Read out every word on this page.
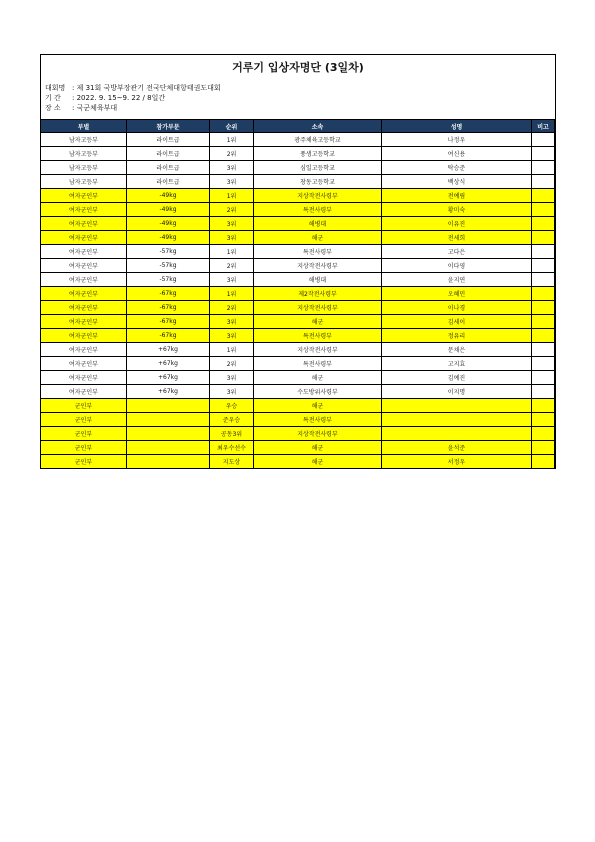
거루기 입상자명단 (3일차)
대회명 : 제 31회 국방부장관기 전국단체대항태권도대회
기 간 : 2022. 9. 15~9. 22 / 8일간
장 소 : 국군체육부대
부별	참가부문	순위	소속	성명	비고
남자고등부	라이트급	1위	광주체육고등학교	나정우	
남자고등부	라이트급	2위	풍생고등학교	여신용	
남자고등부	라이트급	3위	심일고등학교	탁승준	
남자고등부	라이트급	3위	창동고등학교	백상식	
여자군인부	-49kg	1위	지상작전사령부	전예림	
여자군인부	-49kg	2위	특전사령부	황미숙	
여자군인부	-49kg	3위	해병대	이유진	
여자군인부	-49kg	3위	해군	전세희	
여자군인부	-57kg	1위	특전사령부	고다은	
여자군인부	-57kg	2위	지상작전사령부	이다영	
여자군인부	-57kg	3위	해병대	윤지연	
여자군인부	-67kg	1위	제2작전사령부	오혜민	
여자군인부	-67kg	2위	지상작전사령부	이나경	
여자군인부	-67kg	3위	해군	김세이	
여자군인부	-67kg	3위	특전사령부	정유리	
여자군인부	+67kg	1위	지상작전사령부	문채은	
여자군인부	+67kg	2위	특전사령부	고지효	
여자군인부	+67kg	3위	해군	김예진	
여자군인부	+67kg	3위	수도방위사령부	이지명	
군인부		우승	해군		
군인부		준우승	특전사령부		
군인부		공동3위	지상작전사령부		
군인부		최우수선수	해군	윤석준	
군인부		지도상	해군	서정우	
